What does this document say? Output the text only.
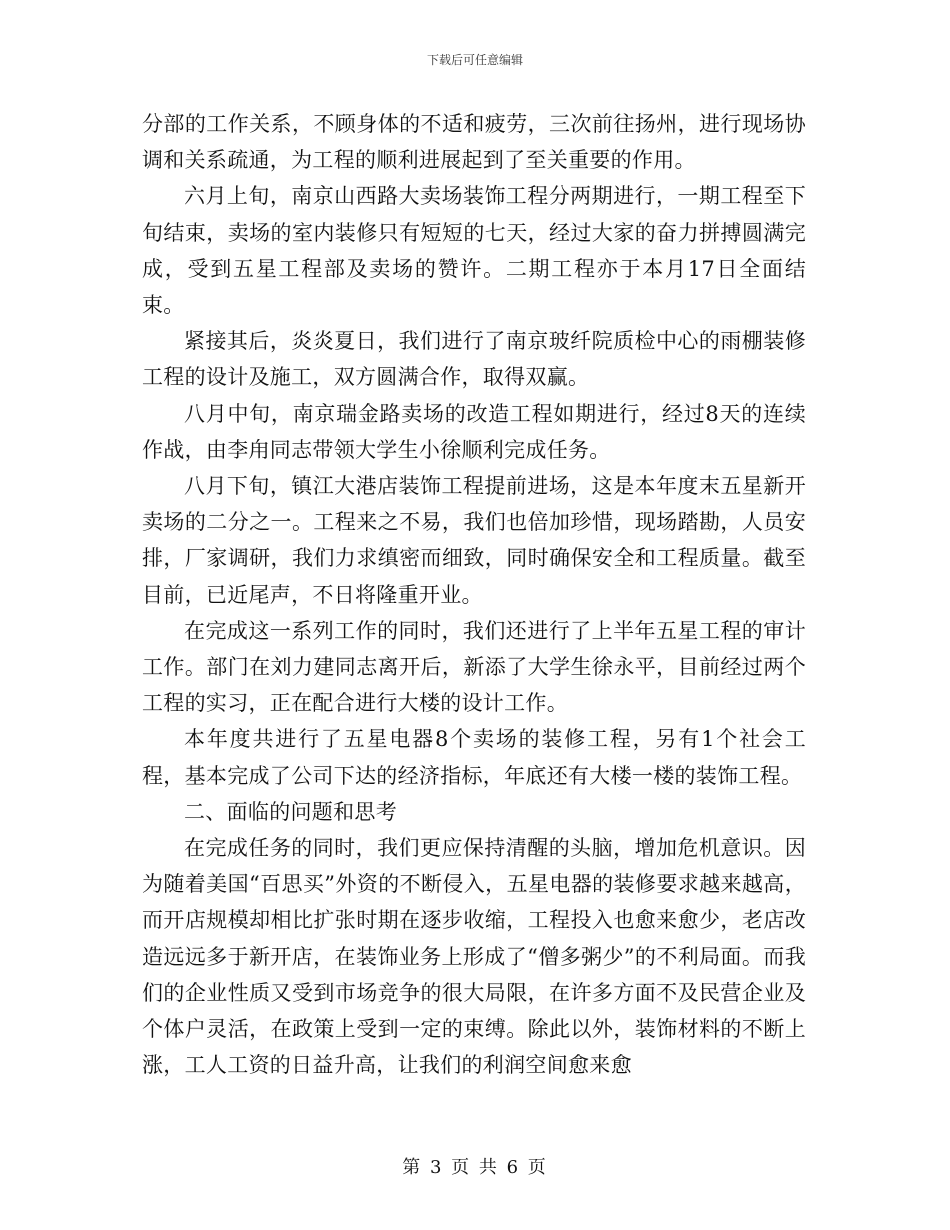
下载后可任意编辑

分部的工作关系，不顾身体的不适和疲劳，三次前往扬州，进行现场协调和关系疏通，为工程的顺利进展起到了至关重要的作用。

六月上旬，南京山西路大卖场装饰工程分两期进行，一期工程至下旬结束，卖场的室内装修只有短短的七天，经过大家的奋力拼搏圆满完成，受到五星工程部及卖场的赞许。二期工程亦于本月17日全面结束。

紧接其后，炎炎夏日，我们进行了南京玻纤院质检中心的雨棚装修工程的设计及施工，双方圆满合作，取得双赢。

八月中旬，南京瑞金路卖场的改造工程如期进行，经过8天的连续作战，由李甪同志带领大学生小徐顺利完成任务。

八月下旬，镇江大港店装饰工程提前进场，这是本年度末五星新开卖场的二分之一。工程来之不易，我们也倍加珍惜，现场踏勘，人员安排，厂家调研，我们力求缜密而细致，同时确保安全和工程质量。截至目前，已近尾声，不日将隆重开业。

在完成这一系列工作的同时，我们还进行了上半年五星工程的审计工作。部门在刘力建同志离开后，新添了大学生徐永平，目前经过两个工程的实习，正在配合进行大楼的设计工作。

本年度共进行了五星电器8个卖场的装修工程，另有1个社会工程，基本完成了公司下达的经济指标，年底还有大楼一楼的装饰工程。

二、面临的问题和思考

在完成任务的同时，我们更应保持清醒的头脑，增加危机意识。因为随着美国“百思买”外资的不断侵入，五星电器的装修要求越来越高，而开店规模却相比扩张时期在逐步收缩，工程投入也愈来愈少，老店改造远远多于新开店，在装饰业务上形成了“僧多粥少”的不利局面。而我们的企业性质又受到市场竞争的很大局限，在许多方面不及民营企业及个体户灵活，在政策上受到一定的束缚。除此以外，装饰材料的不断上涨，工人工资的日益升高，让我们的利润空间愈来愈

第 3 页 共 6 页
